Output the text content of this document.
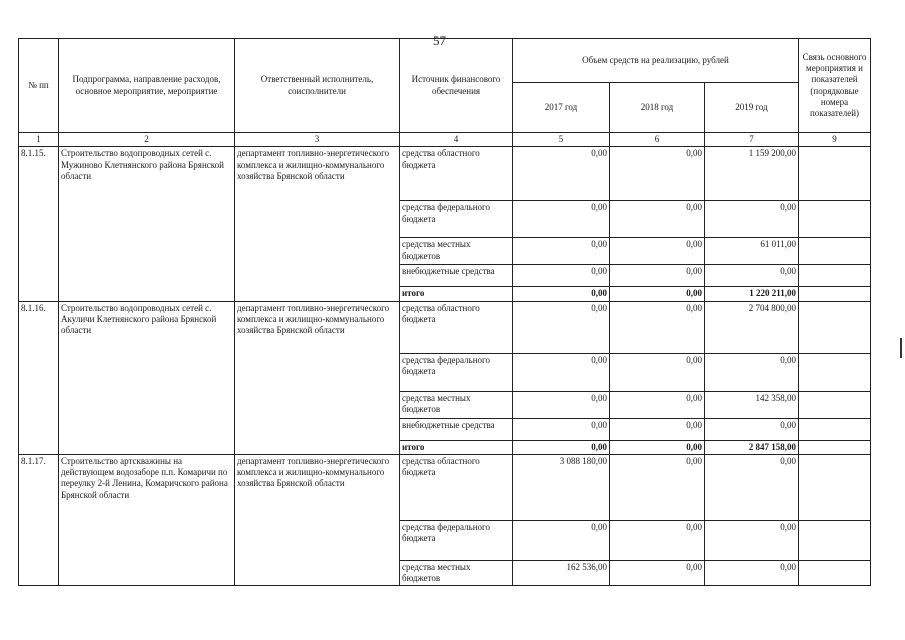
57
№ пп	Подпрограмма, направление расходов, основное мероприятие, мероприятие	Ответственный исполнитель, соисполнители	Источник финансового обеспечения	Объем средств на реализацию, рублей			Связь основного мероприятия и показателей (порядковые номера показателей)
				2017 год	2018 год	2019 год	
1	2	3	4	5	6	7	9
8.1.15.	Строительство водопроводных сетей с. Мужиново Клетнянского района Брянской области	департамент топливно-энергетического комплекса и жилищно-коммунального хозяйства Брянской области	средства областного бюджета	0,00	0,00	1 159 200,00	
			средства федерального бюджета	0,00	0,00	0,00	
			средства местных бюджетов	0,00	0,00	61 011,00	
			внебюджетные средства	0,00	0,00	0,00	
			итого	0,00	0,00	1 220 211,00	
8.1.16.	Строительство водопроводных сетей с. Акуличи Клетнянского района Брянской области	департамент топливно-энергетического комплекса и жилищно-коммунального хозяйства Брянской области	средства областного бюджета	0,00	0,00	2 704 800,00	
			средства федерального бюджета	0,00	0,00	0,00	
			средства местных бюджетов	0,00	0,00	142 358,00	
			внебюджетные средства	0,00	0,00	0,00	
			итого	0,00	0,00	2 847 158,00	
8.1.17.	Строительство артскважины на действующем водозаборе п.п. Комаричи по переулку 2-й Ленина, Комаричского района Брянской области	департамент топливно-энергетического комплекса и жилищно-коммунального хозяйства Брянской области	средства областного бюджета	3 088 180,00	0,00	0,00	
			средства федерального бюджета	0,00	0,00	0,00	
			средства местных бюджетов	162 536,00	0,00	0,00	
